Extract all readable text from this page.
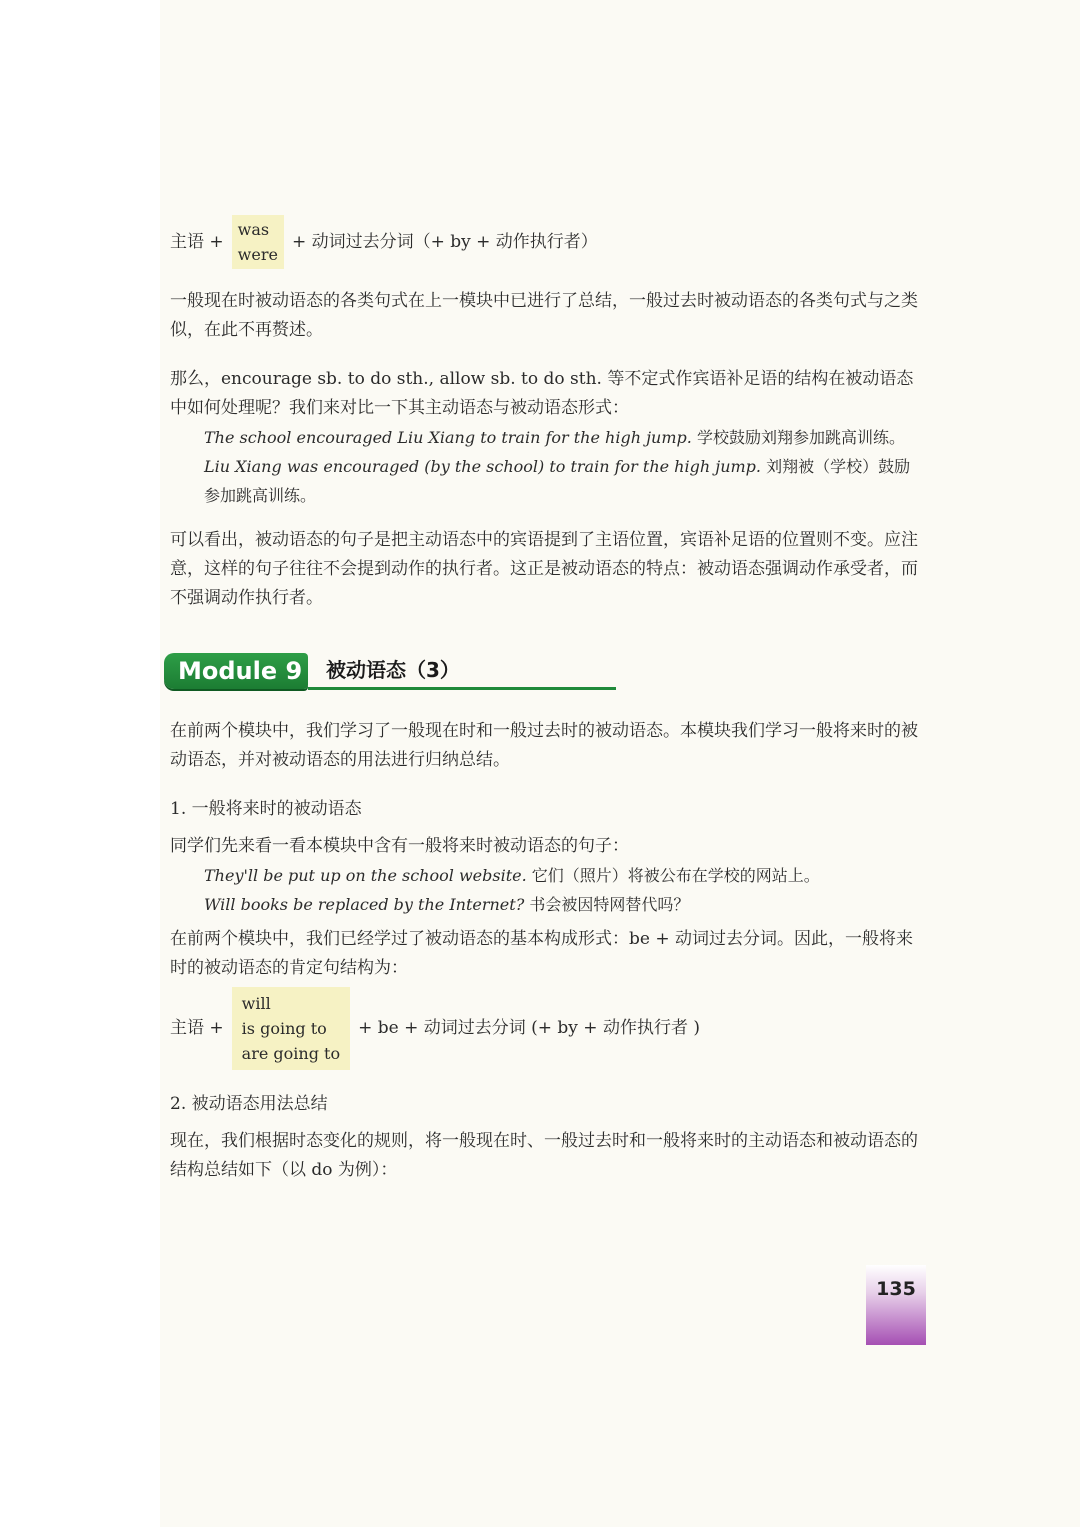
主语 +
was
were
+ 动词过去分词（+ by + 动作执行者）

一般现在时被动语态的各类句式在上一模块中已进行了总结，一般过去时被动语态的各类句式与之类似，在此不再赘述。

那么，encourage sb. to do sth., allow sb. to do sth. 等不定式作宾语补足语的结构在被动语态中如何处理呢？我们来对比一下其主动语态与被动语态形式：

The school encouraged Liu Xiang to train for the high jump. 学校鼓励刘翔参加跳高训练。

Liu Xiang was encouraged (by the school) to train for the high jump. 刘翔被（学校）鼓励参加跳高训练。

可以看出，被动语态的句子是把主动语态中的宾语提到了主语位置，宾语补足语的位置则不变。应注意，这样的句子往往不会提到动作的执行者。这正是被动语态的特点：被动语态强调动作承受者，而不强调动作执行者。

Module 9 被动语态（3）

在前两个模块中，我们学习了一般现在时和一般过去时的被动语态。本模块我们学习一般将来时的被动语态，并对被动语态的用法进行归纳总结。

1. 一般将来时的被动语态

同学们先来看一看本模块中含有一般将来时被动语态的句子：

They'll be put up on the school website. 它们（照片）将被公布在学校的网站上。

Will books be replaced by the Internet? 书会被因特网替代吗？

在前两个模块中，我们已经学过了被动语态的基本构成形式：be + 动词过去分词。因此，一般将来时的被动语态的肯定句结构为：

主语 +
will
is going to
are going to
+ be + 动词过去分词 (+ by + 动作执行者 )

2. 被动语态用法总结

现在，我们根据时态变化的规则，将一般现在时、一般过去时和一般将来时的主动语态和被动语态的结构总结如下（以 do 为例）：

135
